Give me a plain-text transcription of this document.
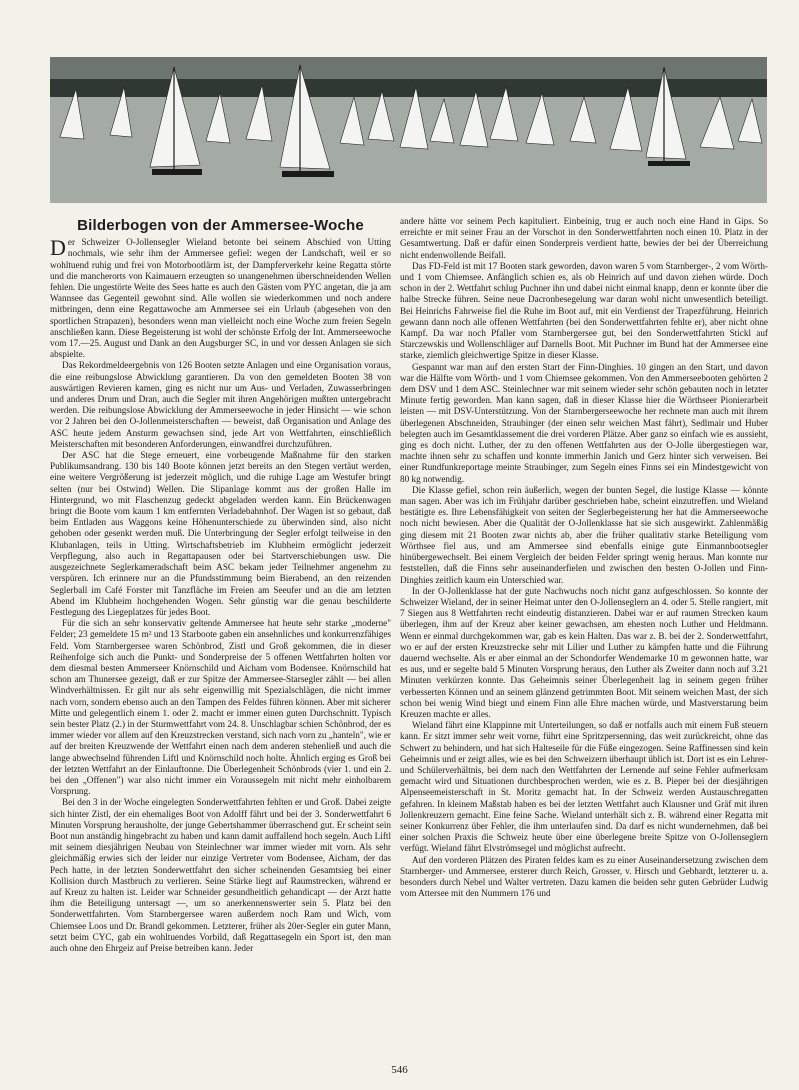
Bilderbogen von der Ammersee-Woche

Der Schweizer O-Jollensegler Wieland betonte bei seinem Abschied von Utting nochmals, wie sehr ihm der Ammersee gefiel: wegen der Landschaft, weil er so wohltuend ruhig und frei von Motorbootlärm ist, der Dampferverkehr keine Regatta störte und die mancherorts von Kaimauern erzeugten so unangenehmen überschneidenden Wellen fehlen. Die ungestörte Weite des Sees hatte es auch den Gästen vom PYC angetan, die ja am Wannsee das Gegenteil gewohnt sind. Alle wollen sie wiederkommen und noch andere mitbringen, denn eine Regattawoche am Ammersee sei ein Urlaub (abgesehen von den sportlichen Strapazen), besonders wenn man vielleicht noch eine Woche zum freien Segeln anschließen kann. Diese Begeisterung ist wohl der schönste Erfolg der Int. Ammerseewoche vom 17.—25. August und Dank an den Augsburger SC, in und vor dessen Anlagen sie sich abspielte.

Das Rekordmeldeergebnis von 126 Booten setzte Anlagen und eine Organisation voraus, die eine reibungslose Abwicklung garantieren. Da von den gemeldeten Booten 38 von auswärtigen Revieren kamen, ging es nicht nur um Aus- und Verladen, Zuwasserbringen und anderes Drum und Dran, auch die Segler mit ihren Angehörigen mußten untergebracht werden. Die reibungslose Abwicklung der Ammerseewoche in jeder Hinsicht — wie schon vor 2 Jahren bei den O-Jollenmeisterschaften — beweist, daß Organisation und Anlage des ASC heute jedem Ansturm gewachsen sind, jede Art von Wettfahrten, einschließlich Meisterschaften mit besonderen Anforderungen, einwandfrei durchzuführen.

Der ASC hat die Stege erneuert, eine vorbeugende Maßnahme für den starken Publikumsandrang. 130 bis 140 Boote können jetzt bereits an den Stegen vertäut werden, eine weitere Vergrößerung ist jederzeit möglich, und die ruhige Lage am Westufer bringt selten (nur bei Ostwind) Wellen. Die Slipanlage kommt aus der großen Halle im Hintergrund, wo mit Flaschenzug gedeckt abgeladen werden kann. Ein Brückenwagen bringt die Boote vom kaum 1 km entfernten Verladebahnhof. Der Wagen ist so gebaut, daß beim Entladen aus Waggons keine Höhenunterschiede zu überwinden sind, also nicht gehoben oder gesenkt werden muß. Die Unterbringung der Segler erfolgt teilweise in den Klubanlagen, teils in Utting. Wirtschaftsbetrieb im Klubheim ermöglicht jederzeit Verpflegung, also auch in Regattapausen oder bei Startverschiebungen usw. Die ausgezeichnete Seglerkameradschaft beim ASC bekam jeder Teilnehmer angenehm zu verspüren. Ich erinnere nur an die Pfundsstimmung beim Bierabend, an den reizenden Seglerball im Café Forster mit Tanzfläche im Freien am Seeufer und an die am letzten Abend im Klubheim hochgehenden Wogen. Sehr günstig war die genau beschilderte Festlegung des Liegeplatzes für jedes Boot.

Für die sich an sehr konservativ geltende Ammersee hat heute sehr starke „moderne" Felder; 23 gemeldete 15 m² und 13 Starboote gaben ein ansehnliches und konkurrenzfähiges Feld. Vom Starnbergersee waren Schönbrod, Zistl und Groß gekommen, die in dieser Reihenfolge sich auch die Punkt- und Sonderpreise der 5 offenen Wettfahrten holten vor dem diesmal besten Ammerseer Knörnschild und Aicham vom Bodensee. Knörnschild hat schon am Thunersee gezeigt, daß er zur Spitze der Ammersee-Starsegler zählt — bei allen Windverhältnissen. Er gilt nur als sehr eigenwillig mit Spezialschlägen, die nicht immer nach vorn, sondern ebenso auch an den Tampen des Feldes führen können. Aber mit sicherer Mitte und gelegentlich einem 1. oder 2. macht er immer einen guten Durchschnitt. Typisch sein bester Platz (2.) in der Sturmwettfahrt vom 24. 8. Unschlagbar schien Schönbrod, der es immer wieder vor allem auf den Kreuzstrecken verstand, sich nach vorn zu „hanteln", wie er auf der breiten Kreuzwende der Wettfahrt einen nach dem anderen stehenließ und auch die lange abwechselnd führenden Liftl und Knörnschild noch holte. Ähnlich erging es Groß bei der letzten Wettfahrt an der Einlauftonne. Die Überlegenheit Schönbrods (vier 1. und ein 2. bei den „Offenen") war also nicht immer ein Voraussegeln mit nicht mehr einholbarem Vorsprung.

Bei den 3 in der Woche eingelegten Sonderwettfahrten fehlten er und Groß. Dabei zeigte sich hinter Zistl, der ein ehemaliges Boot von Adolff fährt und bei der 3. Sonderwettfahrt 6 Minuten Vorsprung herausholte, der junge Gebertshammer überraschend gut. Er scheint sein Boot nun anständig hingebracht zu haben und kann damit auffallend hoch segeln. Auch Liftl mit seinem diesjährigen Neubau von Steinlechner war immer wieder mit vorn. Als sehr gleichmäßig erwies sich der leider nur einzige Vertreter vom Bodensee, Aicham, der das Pech hatte, in der letzten Sonderwettfahrt den sicher scheinenden Gesamtsieg bei einer Kollision durch Mastbruch zu verlieren. Seine Stärke liegt auf Raumstrecken, während er auf Kreuz zu halten ist. Leider war Schneider gesundheitlich gehandicapt — der Arzt hatte ihm die Beteiligung untersagt —, um so anerkennenswerter sein 5. Platz bei den Sonderwettfahrten. Vom Starnbergersee waren außerdem noch Ram und Wich, vom Chiemsee Loos und Dr. Brandl gekommen. Letzterer, früher als 20er-Segler ein guter Mann, setzt beim CYC, gab ein wohltuendes Vorbild, daß Regattasegeln ein Sport ist, den man auch ohne den Ehrgeiz auf Preise betreiben kann. Jeder

andere hätte vor seinem Pech kapituliert. Einbeinig, trug er auch noch eine Hand in Gips. So erreichte er mit seiner Frau an der Vorschot in den Sonderwettfahrten noch einen 10. Platz in der Gesamtwertung. Daß er dafür einen Sonderpreis verdient hatte, bewies der bei der Überreichung nicht endenwollende Beifall.

Das FD-Feld ist mit 17 Booten stark geworden, davon waren 5 vom Starnberger-, 2 vom Wörth- und 1 vom Chiemsee. Anfänglich schien es, als ob Heinrich auf und davon ziehen würde. Doch schon in der 2. Wettfahrt schlug Puchner ihn und dabei nicht einmal knapp, denn er konnte über die halbe Strecke führen. Seine neue Dacronbesegelung war daran wohl nicht unwesentlich beteiligt. Bei Heinrichs Fahrweise fiel die Ruhe im Boot auf, mit ein Verdienst der Trapezführung. Heinrich gewann dann noch alle offenen Wettfahrten (bei den Sonderwettfahrten fehlte er), aber nicht ohne Kampf. Da war noch Pfaller vom Starnbergersee gut, bei den Sonderwettfahrten Stickl auf Starczewskis und Wollenschläger auf Darnells Boot. Mit Puchner im Bund hat der Ammersee eine starke, ziemlich gleichwertige Spitze in dieser Klasse.

Gespannt war man auf den ersten Start der Finn-Dinghies. 10 gingen an den Start, und davon war die Hälfte vom Wörth- und 1 vom Chiemsee gekommen. Von den Ammerseebooten gehörten 2 dem DSV und 1 dem ASC. Steinlechner war mit seinem wieder sehr schön gebauten noch in letzter Minute fertig geworden. Man kann sagen, daß in dieser Klasse hier die Wörthseer Pionierarbeit leisten — mit DSV-Unterstützung. Von der Starnbergerseewoche her rechnete man auch mit ihrem überlegenen Abschneiden, Straubinger (der einen sehr weichen Mast fährt), Sedlmair und Huber belegten auch im Gesamtklassement die drei vorderen Plätze. Aber ganz so einfach wie es aussieht, ging es doch nicht. Luther, der zu den offenen Wettfahrten aus der O-Jolle übergestiegen war, machte ihnen sehr zu schaffen und konnte immerhin Janich und Gerz hinter sich verweisen. Bei einer Rundfunkreportage meinte Straubinger, zum Segeln eines Finns sei ein Mindestgewicht von 80 kg notwendig.

Die Klasse gefiel, schon rein äußerlich, wegen der bunten Segel, die lustige Klasse — könnte man sagen. Aber was ich im Frühjahr darüber geschrieben habe, scheint einzutreffen. und Wieland bestätigte es. Ihre Lebensfähigkeit von seiten der Seglerbegeisterung her hat die Ammerseewoche noch nicht bewiesen. Aber die Qualität der O-Jollenklasse hat sie sich ausgewirkt. Zahlenmäßig ging diesem mit 21 Booten zwar nichts ab, aber die früher qualitativ starke Beteiligung vom Wörthsee fiel aus, und am Ammersee sind ebenfalls einige gute Einmannbootsegler hinübergewechselt. Bei einem Vergleich der beiden Felder springt wenig heraus. Man konnte nur feststellen, daß die Finns sehr auseinanderfielen und zwischen den besten O-Jollen und Finn-Dinghies zeitlich kaum ein Unterschied war.

In der O-Jollenklasse hat der gute Nachwuchs noch nicht ganz aufgeschlossen. So konnte der Schweizer Wieland, der in seiner Heimat unter den O-Jollenseglern an 4. oder 5. Stelle rangiert, mit 7 Siegen aus 8 Wettfahrten recht eindeutig distanzieren. Dabei war er auf raumen Strecken kaum überlegen, ihm auf der Kreuz aber keiner gewachsen, am ehesten noch Luther und Heldmann. Wenn er einmal durchgekommen war, gab es kein Halten. Das war z. B. bei der 2. Sonderwettfahrt, wo er auf der ersten Kreuzstrecke sehr mit Lilier und Luther zu kämpfen hatte und die Führung dauernd wechselte. Als er aber einmal an der Schondorfer Wendemarke 10 m gewonnen hatte, war es aus, und er segelte bald 5 Minuten Vorsprung heraus, den Luther als Zweiter dann noch auf 3.21 Minuten verkürzen konnte. Das Geheimnis seiner Überlegenheit lag in seinem gegen früher verbesserten Können und an seinem glänzend getrimmten Boot. Mit seinem weichen Mast, der sich schon bei wenig Wind biegt und einem Finn alle Ehre machen würde, und Mastverstarung beim Kreuzen machte er alles.

Wieland fährt eine Klappinne mit Unterteilungen, so daß er notfalls auch mit einem Fuß steuern kann. Er sitzt immer sehr weit vorne, führt eine Spritzpersenning, das weit zurückreicht, ohne das Schwert zu behindern, und hat sich Halteseile für die Füße eingezogen. Seine Raffinessen sind kein Geheimnis und er zeigt alles, wie es bei den Schweizern überhaupt üblich ist. Dort ist es ein Lehrer- und Schülerverhältnis, bei dem nach den Wettfahrten der Lernende auf seine Fehler aufmerksam gemacht wird und Situationen durchbesprochen werden, wie es z. B. Pieper bei der diesjährigen Alpenseemeisterschaft in St. Moritz gemacht hat. In der Schweiz werden Austauschregatten gefahren. In kleinem Maßstab haben es bei der letzten Wettfahrt auch Klausner und Gräf mit ihren Jollenkreuzern gemacht. Eine feine Sache. Wieland unterhält sich z. B. während einer Regatta mit seiner Konkurrenz über Fehler, die ihm unterlaufen sind. Da darf es nicht wundernehmen, daß bei einer solchen Praxis die Schweiz heute über eine überlegene breite Spitze von O-Jollenseglern verfügt. Wieland fährt Elvströmsegel und möglichst aufrecht.

Auf den vorderen Plätzen des Piraten feldes kam es zu einer Auseinandersetzung zwischen dem Starnberger- und Ammersee, ersterer durch Reich, Grosser, v. Hirsch und Gebhardt, letzterer u. a. besonders durch Nebel und Walter vertreten. Dazu kamen die beiden sehr guten Gebrüder Ludwig vom Attersee mit den Nummern 176 und

546
